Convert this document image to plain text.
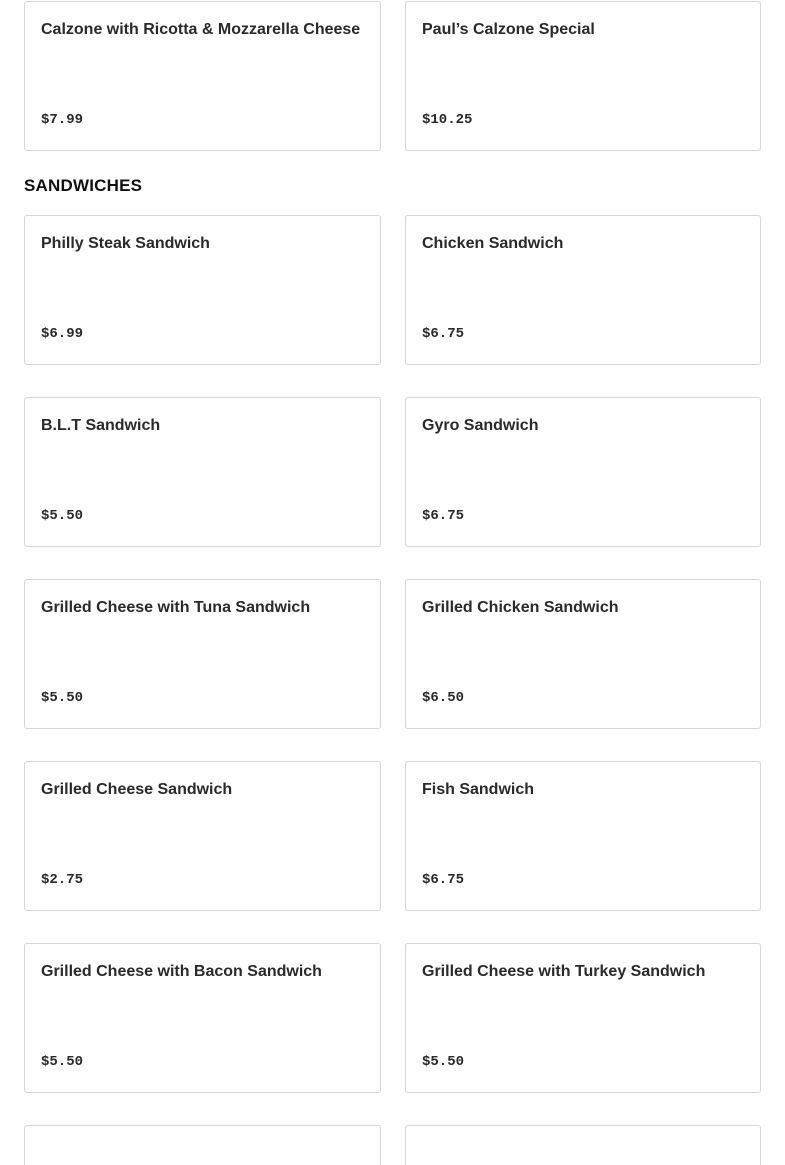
Calzone with Ricotta & Mozzarella Cheese
$7.99
Paul’s Calzone Special
$10.25
SANDWICHES
Philly Steak Sandwich
$6.99
Chicken Sandwich
$6.75
B.L.T Sandwich
$5.50
Gyro Sandwich
$6.75
Grilled Cheese with Tuna Sandwich
$5.50
Grilled Chicken Sandwich
$6.50
Grilled Cheese Sandwich
$2.75
Fish Sandwich
$6.75
Grilled Cheese with Bacon Sandwich
$5.50
Grilled Cheese with Turkey Sandwich
$5.50
